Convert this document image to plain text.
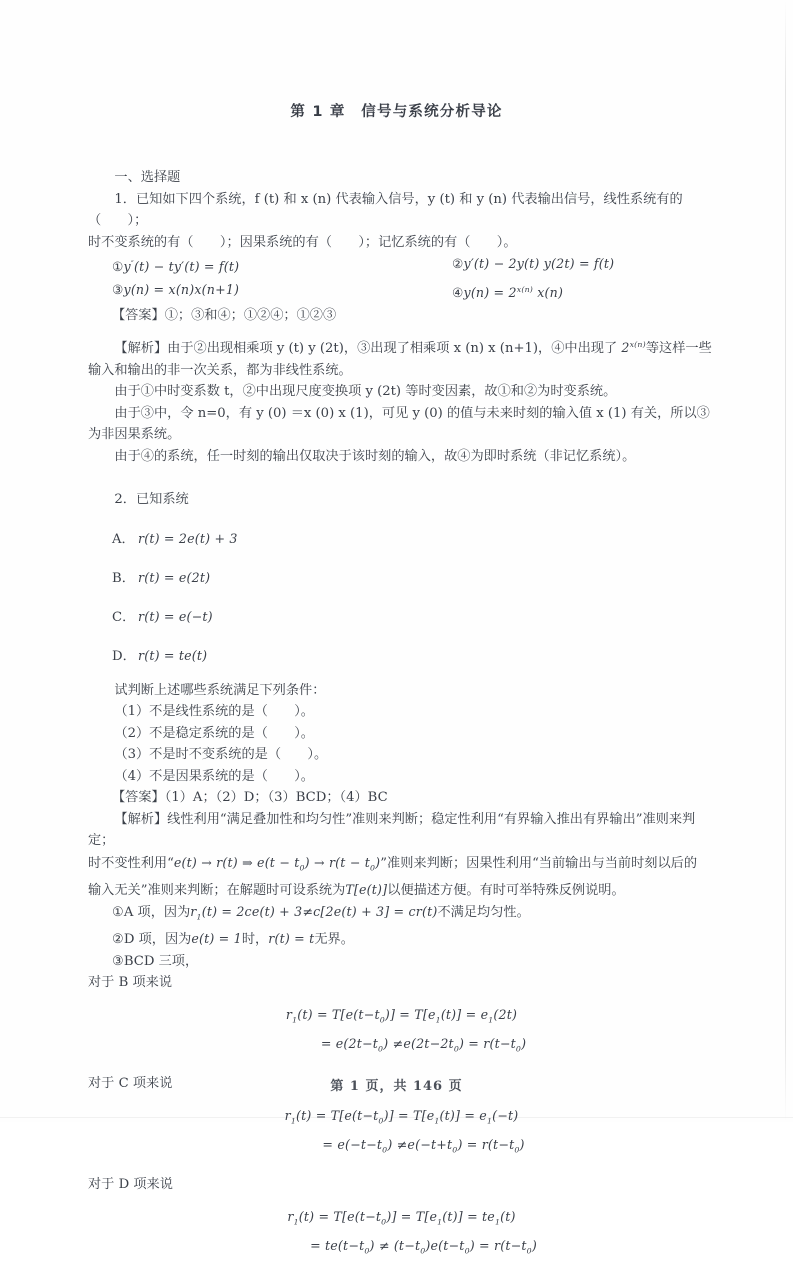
第 1 章　信号与系统分析导论

一、选择题

1．已知如下四个系统，f (t) 和 x (n) 代表输入信号，y (t) 和 y (n) 代表输出信号，线性系统有的（　　）；

时不变系统的有（　　）；因果系统的有（　　）；记忆系统的有（　　）。

①y″(t) − ty′(t) = f(t)	②y′(t) − 2y(t) y(2t) = f(t)
③y(n) = x(n)x(n+1)	④y(n) = $2^{x(n)}$ x(n)

【答案】①；③和④；①②④；①②③

【解析】由于②出现相乘项 y (t) y (2t)，③出现了相乘项 x (n) x (n+1)，④中出现了 $2^{x(n)}$等这样一些

输入和输出的非一次关系，都为非线性系统。

由于①中时变系数 t，②中出现尺度变换项 y (2t) 等时变因素，故①和②为时变系统。

由于③中，令 n=0，有 y (0) ＝x (0) x (1)，可见 y (0) 的值与未来时刻的输入值 x (1) 有关，所以③

为非因果系统。

由于④的系统，任一时刻的输出仅取决于该时刻的输入，故④为即时系统（非记忆系统）。

2．已知系统

A． r(t) = 2e(t) + 3
B． r(t) = e(2t)
C． r(t) = e(−t)
D． r(t) = te(t)

试判断上述哪些系统满足下列条件：

（1）不是线性系统的是（　　）。

（2）不是稳定系统的是（　　）。

（3）不是时不变系统的是（　　）。

（4）不是因果系统的是（　　）。

【答案】（1）A；（2）D；（3）BCD；（4）BC

【解析】线性利用“满足叠加性和均匀性”准则来判断；稳定性利用“有界输入推出有界输出”准则来判定；

时不变性利用“e(t) → r(t) ⇒ $e(t - t_0) \to r(t - t_0)$”准则来判断；因果性利用“当前输出与当前时刻以后的

输入无关”准则来判断；在解题时可设系统为T[e(t)]以便描述方便。有时可举特殊反例说明。

①A 项，因为$r_1(t) = 2ce(t) + 3\ne c[2e(t) + 3] = cr(t)$不满足均匀性。

②D 项，因为e(t) = 1时，r(t) = t无界。

③BCD 三项，

对于 B 项来说

$r_1(t) = T[e(t-t_0)] = T[e_1(t)] = e_1(2t)$
= $e(2t-t_0) \ne e(2t-2t_0) = r(t-t_0)$

对于 C 项来说

$r_1(t) = T[e(t-t_0)] = T[e_1(t)] = e_1(-t)$
= $e(-t-t_0) \ne e(-t+t_0) = r(t-t_0)$

对于 D 项来说

$r_1(t) = T[e(t-t_0)] = T[e_1(t)] = te_1(t)$
= $te(t-t_0) \ne (t-t_0)e(t-t_0) = r(t-t_0)$
第 1 页，共 146 页
